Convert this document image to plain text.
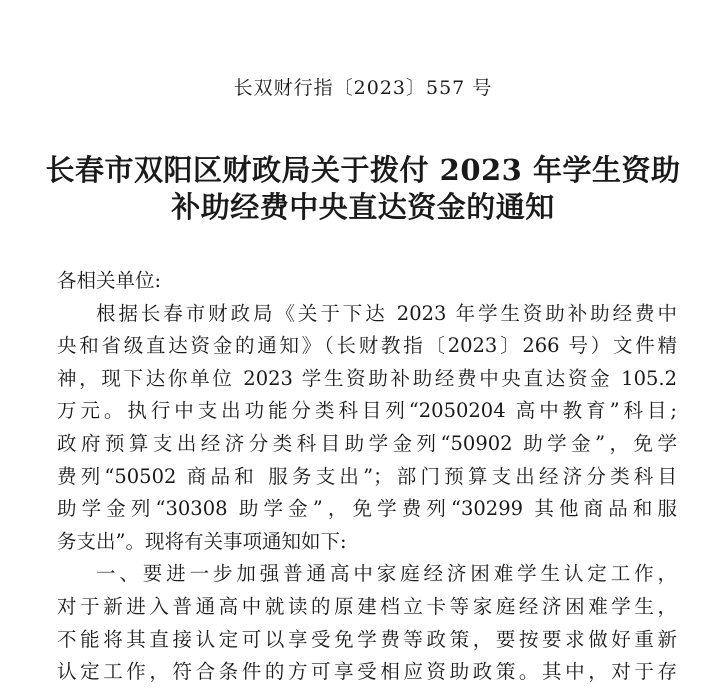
长双财行指〔2023〕557 号
长春市双阳区财政局关于拨付 2023 年学生资助
补助经费中央直达资金的通知
各相关单位:
根据长春市财政局《关于下达 2023 年学生资助补助经费中
央和省级直达资金的通知》（长财教指〔2023〕266 号）文件精
神，现下达你单位 2023 学生资助补助经费中央直达资金 105.2
万元。执行中支出功能分类科目列“2050204 高中教育”科目;
政府预算支出经济分类科目助学金列“50902 助学金”，免学
费列“50502 商品和 服务支出”；部门预算支出经济分类科目
助学金列“30308 助学金”，免学费列“30299 其他商品和服
务支出”。现将有关事项通知如下:
一、要进一步加强普通高中家庭经济困难学生认定工作，
对于新进入普通高中就读的原建档立卡等家庭经济困难学生，
不能将其直接认定可以享受免学费等政策，要按要求做好重新
认定工作，符合条件的方可享受相应资助政策。其中，对于存
